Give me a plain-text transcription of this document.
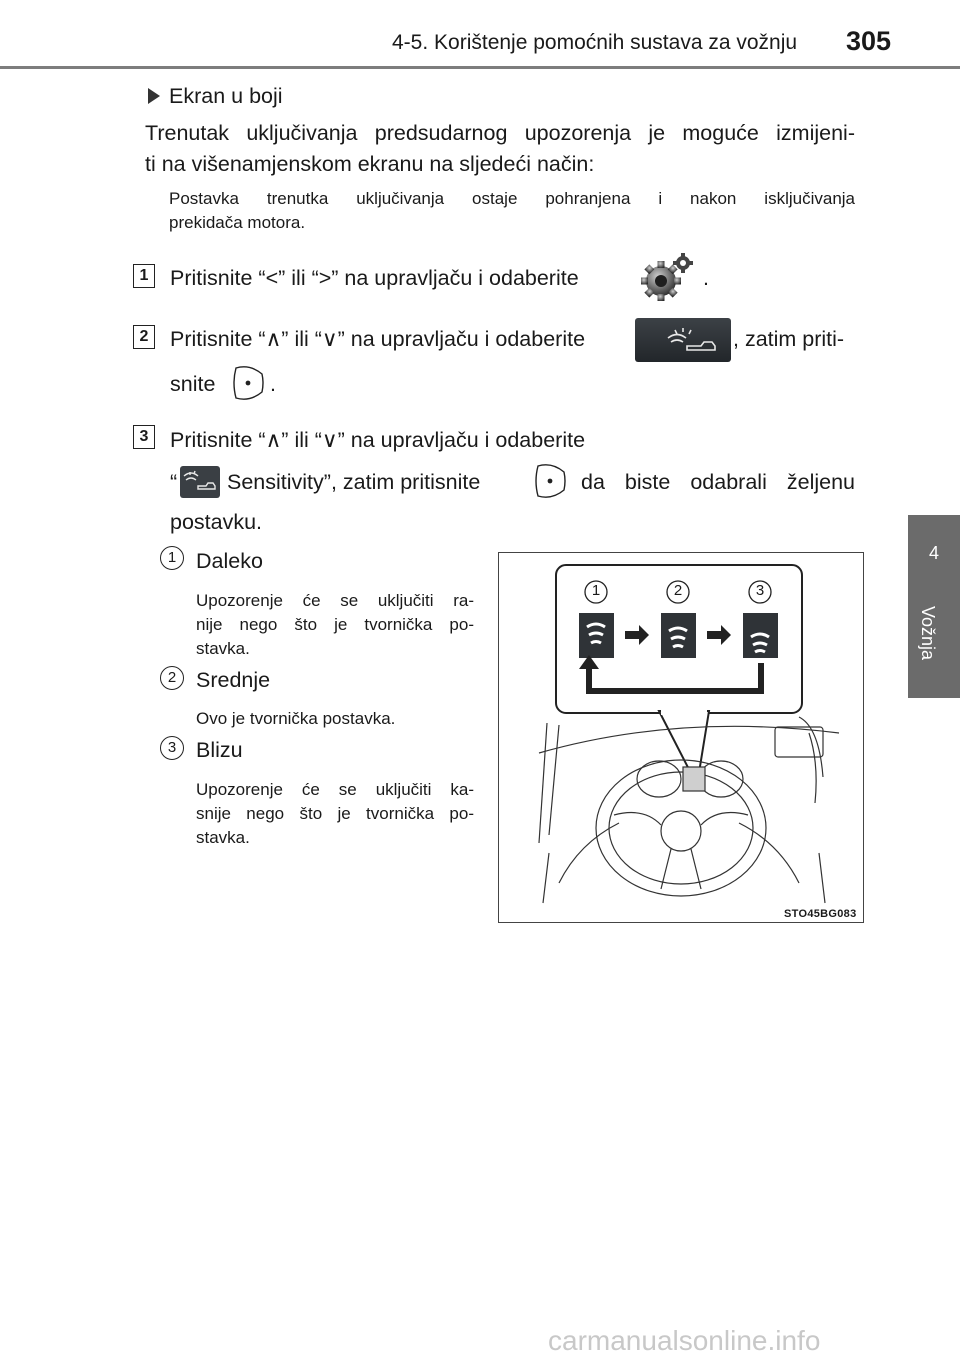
4-5. Korištenje pomoćnih sustava za vožnju 305
4
Vožnja
Ekran u boji
Trenutak uključivanja predsudarnog upozorenja je moguće izmijeni-
ti na višenamjenskom ekranu na sljedeći način:
Postavka trenutka uključivanja ostaje pohranjena i nakon isključivanja
prekidača motora.
1	Pritisnite “<” ili “>” na upravljaču i odaberite	.
2	Pritisnite “∧” ili “∨” na upravljaču i odaberite	, zatim priti-
snite	.
3	Pritisnite “∧” ili “∨” na upravljaču i odaberite
“ Sensitivity”, zatim pritisnite	da biste odabrali željenu
postavku.
1 Daleko
Upozorenje će se uključiti ra-
nije nego što je tvornička po-
stavka.
2 Srednje
Ovo je tvornička postavka.
3 Blizu
Upozorenje će se uključiti ka-
snije nego što je tvornička po-
stavka.
1	2	3
STO45BG083
carmanualsonline.info
